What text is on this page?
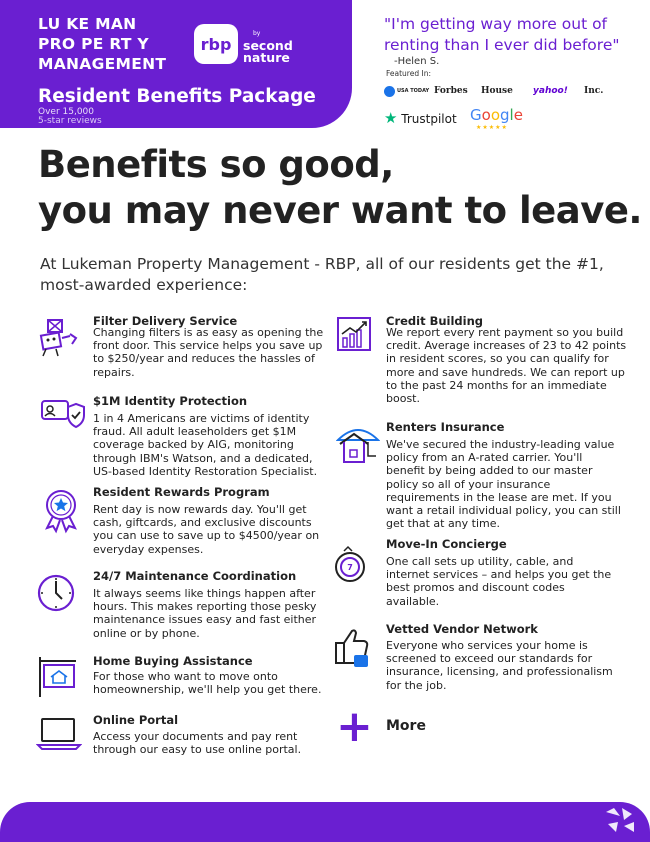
LU KE MAN
PRO PE RT Y
MANAGEMENT
rbp
by
second
nature
Resident Benefits Package
Over 15,000
5-star reviews
"I'm getting way more out of renting than I ever did before"
-Helen S.
Featured In:
USA TODAY Forbes House yahoo! Inc.
★ Trustpilot Google
★★★★★
Benefits so good,
you may never want to leave.
At Lukeman Property Management - RBP, all of our residents get the #1, most-awarded experience:
Filter Delivery Service

Changing filters is as easy as opening the front door. This service helps you save up to $250/year and reduces the hassles of repairs.

$1M Identity Protection

1 in 4 Americans are victims of identity fraud. All adult leaseholders get $1M coverage backed by AIG, monitoring through IBM's Watson, and a dedicated, US-based Identity Restoration Specialist.

Resident Rewards Program

Rent day is now rewards day. You'll get cash, giftcards, and exclusive discounts you can use to save up to $4500/year on everyday expenses.

24/7 Maintenance Coordination

It always seems like things happen after hours. This makes reporting those pesky maintenance issues easy and fast either online or by phone.

Home Buying Assistance

For those who want to move onto homeownership, we'll help you get there.

Online Portal

Access your documents and pay rent through our easy to use online portal.

Credit Building

We report every rent payment so you build credit. Average increases of 23 to 42 points in resident scores, so you can qualify for more and save hundreds. We can report up to the past 24 months for an immediate boost.

Renters Insurance

We've secured the industry-leading value policy from an A-rated carrier. You'll benefit by being added to our master policy so all of your insurance requirements in the lease are met. If you want a retail individual policy, you can still get that at any time.

7
Move-In Concierge

One call sets up utility, cable, and internet services – and helps you get the best promos and discount codes available.

Vetted Vendor Network

Everyone who services your home is screened to exceed our standards for insurance, licensing, and professionalism for the job.

+ More
